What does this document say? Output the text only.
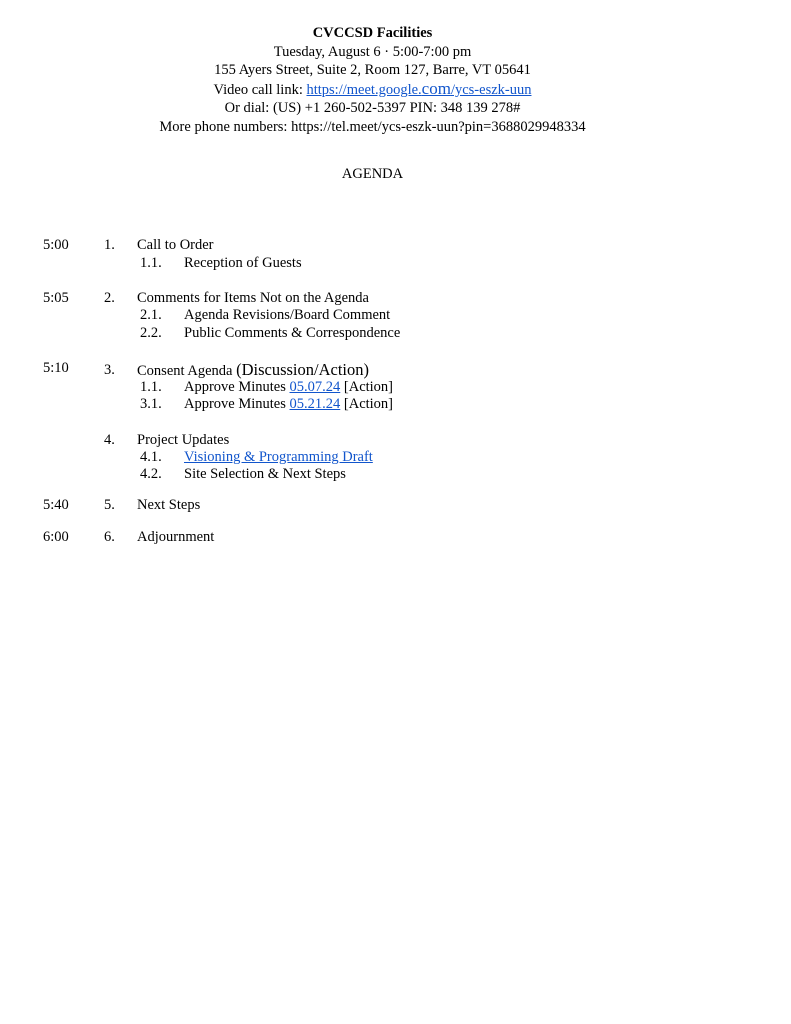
CVCCSD Facilities
Tuesday, August 6 · 5:00-7:00 pm
155 Ayers Street, Suite 2, Room 127, Barre, VT 05641
Video call link: https://meet.google.com/ycs-eszk-uun
Or dial: (US) +1 260-502-5397 PIN: 348 139 278#
More phone numbers: https://tel.meet/ycs-eszk-uun?pin=3688029948334
AGENDA
5:00 1. Call to Order
1.1. Reception of Guests
5:05 2. Comments for Items Not on the Agenda
2.1. Agenda Revisions/Board Comment
2.2. Public Comments & Correspondence
5:10 3. Consent Agenda (Discussion/Action)
1.1. Approve Minutes 05.07.24 [Action]
3.1. Approve Minutes 05.21.24 [Action]
4. Project Updates
4.1. Visioning & Programming Draft
4.2. Site Selection & Next Steps
5:40 5. Next Steps
6:00 6. Adjournment
